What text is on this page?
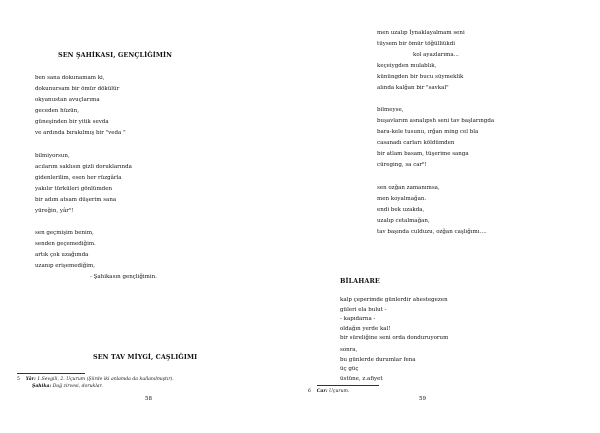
SEN ŞAHİKASI, GENÇLİĞİMİN
ben sana dokunamam ki,
dokunursam bir ömür dökülür
okyanustan avuçlarıma
geceden hüzün,
güneşinden bir yitik sevda
ve ardında bırakılmış bir "veda "
bilmiyorsun,
acılarım saklısın gizli doruklarında
gidenlerilim, esen her rüzgârla
yakılır türküleri gönlümden
bir adım atsam düşerim sana
yüreğin, yâr⁵!
sen geçmişim benim,
senden geçemediğim.
artık çok uzağımda
uzanıp erişemediğim,
- Şahikasın gençliğimin.
SEN TAV MİYGİ, CAŞLIĞIMI
5 Yâr: 1.Sevgili, 2. Uçurum (Şiirde iki anlamda da kullanılmıştır).
Şahika: Dağ zirvesi, doruklar.
58
men uzalıp İynaklayalmam seni
tüysem bir ömür töğülliükdi
kol ayazlarıma...
keçeiygden mulablık,
kününgden bir bucu süymeklik
alında kalğan bir "savkal"
bilmeyse,
buşavlarım asnalıpsh seni tav başlarıngda
bara-kele tusunu, ırğan ming cel bla
casanadı carları köldümden
bir atlam basam, tüşerime sanga
cüreging, sa car⁶!
sen ozğan zamanımsa,
men koyalmağan.
endi bek uzakda,
uzalıp cetalmağan,
tav başında culduzu, ozğan caşlığımı….
BİLAHARE
kalp çeperimde günlerdir ahestegezen
güleri ela bulut -
- kapıdarna -
oldağın yerde kal!
bir süreliğine seni orda donduruyorum
sonra,
bu günlerde durumlar fena
üç güç
üstüne, z.afiyet
6 Car: Uçurum.
59
